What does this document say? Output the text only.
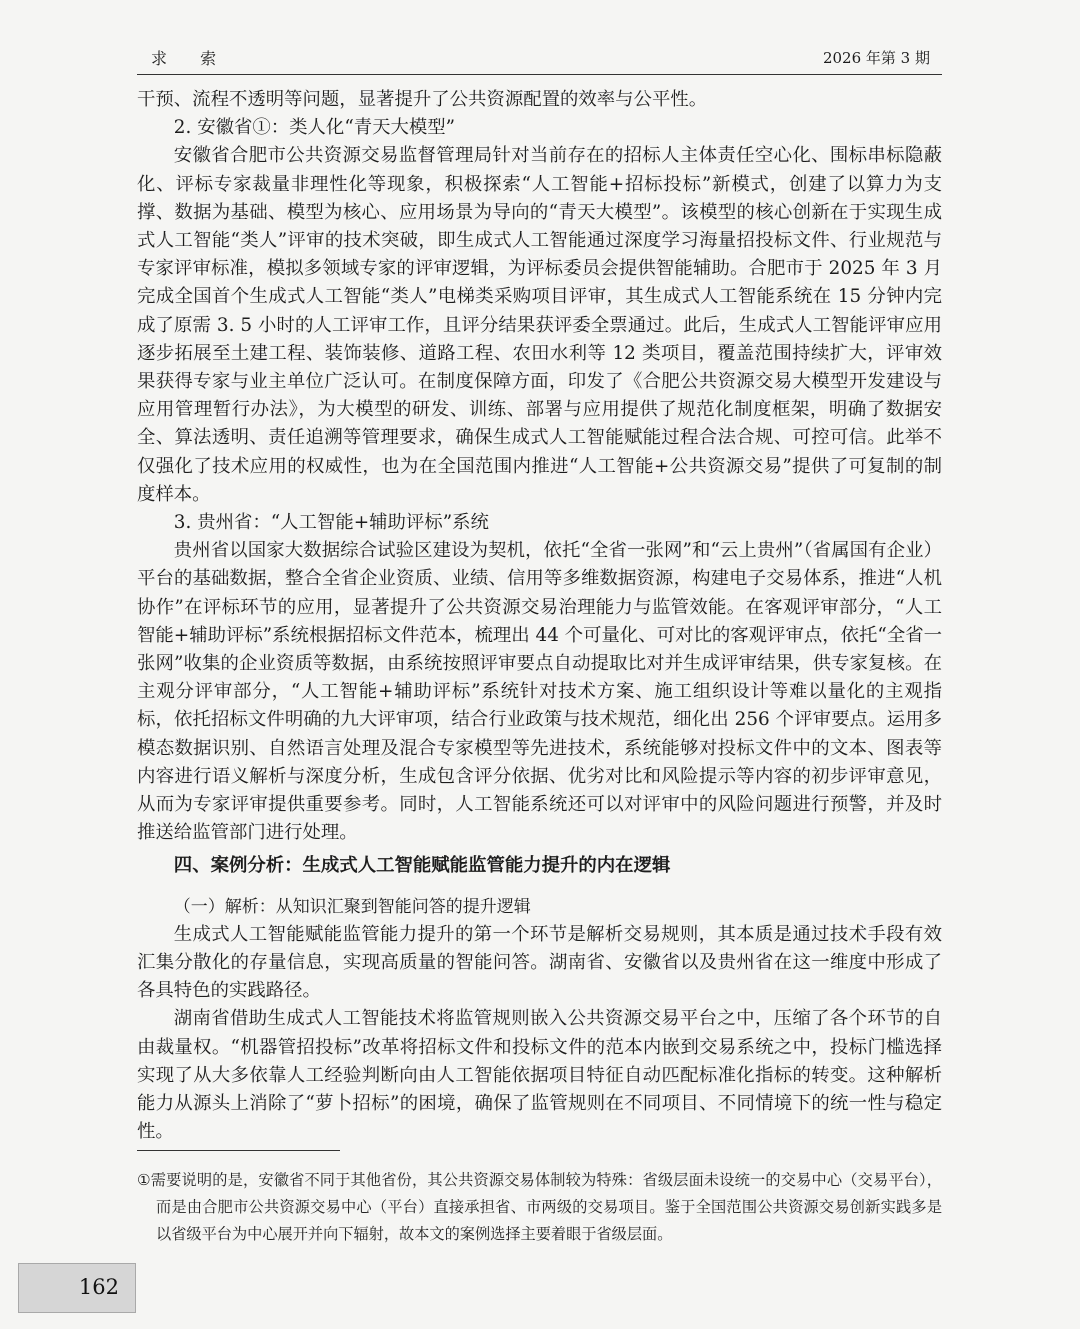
求 索	2026 年第 3 期

干预、流程不透明等问题，显著提升了公共资源配置的效率与公平性。

2. 安徽省①：类人化“青天大模型”

安徽省合肥市公共资源交易监督管理局针对当前存在的招标人主体责任空心化、围标串标隐蔽化、评标专家裁量非理性化等现象，积极探索“人工智能+招标投标”新模式，创建了以算力为支撑、数据为基础、模型为核心、应用场景为导向的“青天大模型”。该模型的核心创新在于实现生成式人工智能“类人”评审的技术突破，即生成式人工智能通过深度学习海量招投标文件、行业规范与专家评审标准，模拟多领域专家的评审逻辑，为评标委员会提供智能辅助。合肥市于 2025 年 3 月完成全国首个生成式人工智能“类人”电梯类采购项目评审，其生成式人工智能系统在 15 分钟内完成了原需 3. 5 小时的人工评审工作，且评分结果获评委全票通过。此后，生成式人工智能评审应用逐步拓展至土建工程、装饰装修、道路工程、农田水利等 12 类项目，覆盖范围持续扩大，评审效果获得专家与业主单位广泛认可。在制度保障方面，印发了《合肥公共资源交易大模型开发建设与应用管理暂行办法》，为大模型的研发、训练、部署与应用提供了规范化制度框架，明确了数据安全、算法透明、责任追溯等管理要求，确保生成式人工智能赋能过程合法合规、可控可信。此举不仅强化了技术应用的权威性，也为在全国范围内推进“人工智能+公共资源交易”提供了可复制的制度样本。

3. 贵州省：“人工智能+辅助评标”系统

贵州省以国家大数据综合试验区建设为契机，依托“全省一张网”和“云上贵州”（省属国有企业）平台的基础数据，整合全省企业资质、业绩、信用等多维数据资源，构建电子交易体系，推进“人机协作”在评标环节的应用，显著提升了公共资源交易治理能力与监管效能。在客观评审部分，“人工智能+辅助评标”系统根据招标文件范本，梳理出 44 个可量化、可对比的客观评审点，依托“全省一张网”收集的企业资质等数据，由系统按照评审要点自动提取比对并生成评审结果，供专家复核。在主观分评审部分，“人工智能+辅助评标”系统针对技术方案、施工组织设计等难以量化的主观指标，依托招标文件明确的九大评审项，结合行业政策与技术规范，细化出 256 个评审要点。运用多模态数据识别、自然语言处理及混合专家模型等先进技术，系统能够对投标文件中的文本、图表等内容进行语义解析与深度分析，生成包含评分依据、优劣对比和风险提示等内容的初步评审意见，从而为专家评审提供重要参考。同时，人工智能系统还可以对评审中的风险问题进行预警，并及时推送给监管部门进行处理。

四、案例分析：生成式人工智能赋能监管能力提升的内在逻辑

（一）解析：从知识汇聚到智能问答的提升逻辑

生成式人工智能赋能监管能力提升的第一个环节是解析交易规则，其本质是通过技术手段有效汇集分散化的存量信息，实现高质量的智能问答。湖南省、安徽省以及贵州省在这一维度中形成了各具特色的实践路径。

湖南省借助生成式人工智能技术将监管规则嵌入公共资源交易平台之中，压缩了各个环节的自由裁量权。“机器管招投标”改革将招标文件和投标文件的范本内嵌到交易系统之中，投标门槛选择实现了从大多依靠人工经验判断向由人工智能依据项目特征自动匹配标准化指标的转变。这种解析能力从源头上消除了“萝卜招标”的困境，确保了监管规则在不同项目、不同情境下的统一性与稳定性。

①需要说明的是，安徽省不同于其他省份，其公共资源交易体制较为特殊：省级层面未设统一的交易中心（交易平台），而是由合肥市公共资源交易中心（平台）直接承担省、市两级的交易项目。鉴于全国范围公共资源交易创新实践多是以省级平台为中心展开并向下辐射，故本文的案例选择主要着眼于省级层面。

162
